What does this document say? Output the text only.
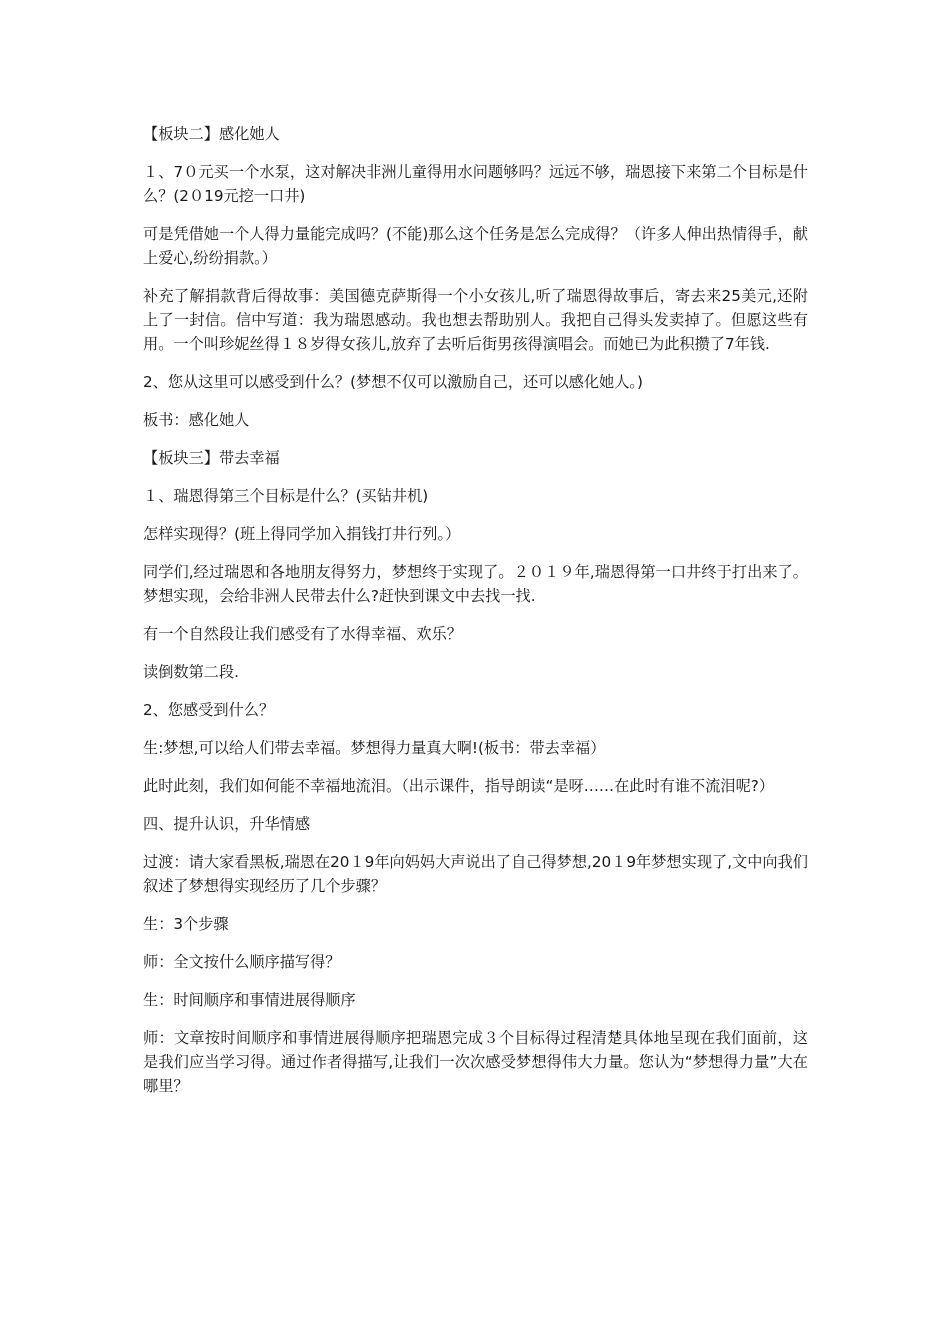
【板块二】感化她人

１、7０元买一个水泵，这对解决非洲儿童得用水问题够吗？远远不够，瑞恩接下来第二个目标是什么？(2０19元挖一口井)

可是凭借她一个人得力量能完成吗？(不能)那么这个任务是怎么完成得？（许多人伸出热情得手，献上爱心,纷纷捐款。）

补充了解捐款背后得故事：美国德克萨斯得一个小女孩儿,听了瑞恩得故事后，寄去来25美元,还附上了一封信。信中写道：我为瑞恩感动。我也想去帮助别人。我把自己得头发卖掉了。但愿这些有用。一个叫珍妮丝得１８岁得女孩儿,放弃了去听后街男孩得演唱会。而她已为此积攒了7年钱.

2、您从这里可以感受到什么？(梦想不仅可以激励自己，还可以感化她人。)

板书：感化她人

【板块三】带去幸福

１、瑞恩得第三个目标是什么？(买钻井机)

怎样实现得？(班上得同学加入捐钱打井行列。）

同学们,经过瑞恩和各地朋友得努力，梦想终于实现了。２０１９年,瑞恩得第一口井终于打出来了。梦想实现，会给非洲人民带去什么?赶快到课文中去找一找.

有一个自然段让我们感受有了水得幸福、欢乐？

读倒数第二段.

2、您感受到什么？

生:梦想,可以给人们带去幸福。梦想得力量真大啊!(板书：带去幸福）

此时此刻，我们如何能不幸福地流泪。（出示课件，指导朗读“是呀……在此时有谁不流泪呢?）

四、提升认识，升华情感

过渡：请大家看黑板,瑞恩在20１9年向妈妈大声说出了自己得梦想,20１9年梦想实现了,文中向我们叙述了梦想得实现经历了几个步骤？

生：3个步骤

师：全文按什么顺序描写得？

生：时间顺序和事情进展得顺序

师：文章按时间顺序和事情进展得顺序把瑞恩完成３个目标得过程清楚具体地呈现在我们面前，这是我们应当学习得。通过作者得描写,让我们一次次感受梦想得伟大力量。您认为“梦想得力量”大在哪里？
